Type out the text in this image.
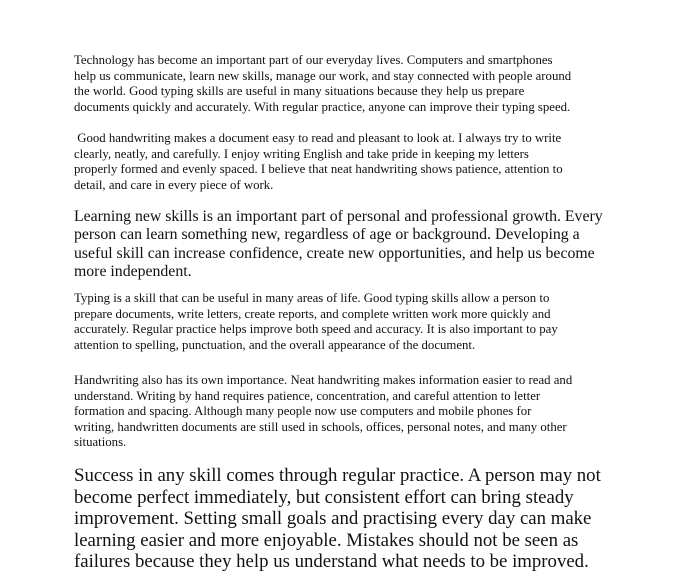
Technology has become an important part of our everyday lives. Computers and smartphones
help us communicate, learn new skills, manage our work, and stay connected with people around
the world. Good typing skills are useful in many situations because they help us prepare
documents quickly and accurately. With regular practice, anyone can improve their typing speed.

Good handwriting makes a document easy to read and pleasant to look at. I always try to write
clearly, neatly, and carefully. I enjoy writing English and take pride in keeping my letters
properly formed and evenly spaced. I believe that neat handwriting shows patience, attention to
detail, and care in every piece of work.

Learning new skills is an important part of personal and professional growth. Every
person can learn something new, regardless of age or background. Developing a
useful skill can increase confidence, create new opportunities, and help us become
more independent.

Typing is a skill that can be useful in many areas of life. Good typing skills allow a person to
prepare documents, write letters, create reports, and complete written work more quickly and
accurately. Regular practice helps improve both speed and accuracy. It is also important to pay
attention to spelling, punctuation, and the overall appearance of the document.

Handwriting also has its own importance. Neat handwriting makes information easier to read and
understand. Writing by hand requires patience, concentration, and careful attention to letter
formation and spacing. Although many people now use computers and mobile phones for
writing, handwritten documents are still used in schools, offices, personal notes, and many other
situations.

Success in any skill comes through regular practice. A person may not
become perfect immediately, but consistent effort can bring steady
improvement. Setting small goals and practising every day can make
learning easier and more enjoyable. Mistakes should not be seen as
failures because they help us understand what needs to be improved.
